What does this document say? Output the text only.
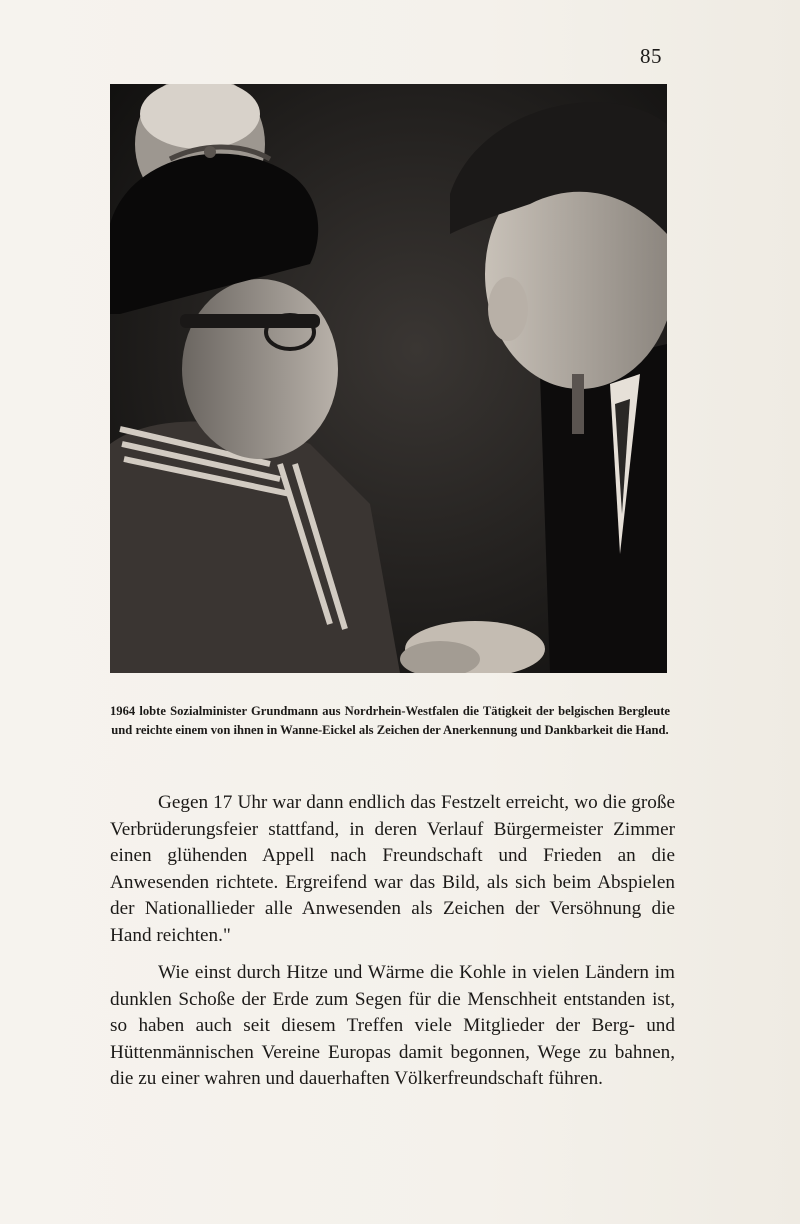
85
1964 lobte Sozialminister Grundmann aus Nordrhein-Westfalen die Tätigkeit der belgischen Bergleute und reichte einem von ihnen in Wanne-Eickel als Zeichen der Anerkennung und Dankbarkeit die Hand.

Gegen 17 Uhr war dann endlich das Festzelt erreicht, wo die große Verbrüderungsfeier stattfand, in deren Verlauf Bürgermeister Zimmer einen glühenden Appell nach Freundschaft und Frieden an die Anwesenden richtete. Ergreifend war das Bild, als sich beim Abspielen der Nationallieder alle Anwesenden als Zeichen der Versöhnung die Hand reichten."

Wie einst durch Hitze und Wärme die Kohle in vielen Ländern im dunklen Schoße der Erde zum Segen für die Menschheit entstanden ist, so haben auch seit diesem Treffen viele Mitglieder der Berg- und Hüttenmännischen Vereine Europas damit begonnen, Wege zu bahnen, die zu einer wahren und dauerhaften Völkerfreundschaft führen.
